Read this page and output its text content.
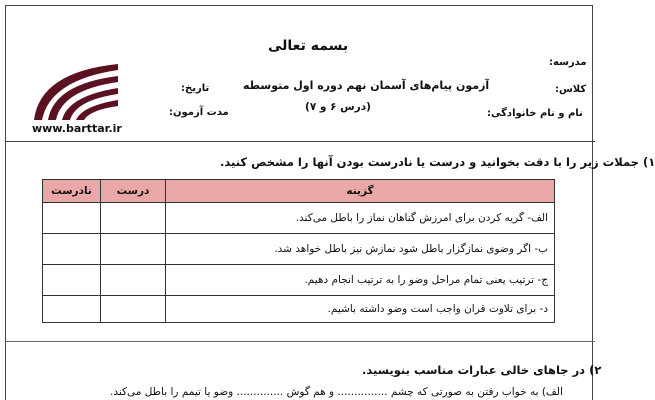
بسمه تعالی
آزمون پیام‌های آسمان نهم دوره اول متوسطه
(درس ۶ و ۷)
مدرسه:
کلاس:
نام و نام خانوادگی:
تاریخ:
مدت آزمون:
www.barttar.ir
۱) جملات زیر را با دقت بخوانید و درست یا نادرست بودن آنها را مشخص کنید.
گزینه	درست	نادرست
الف- گریه کردن برای امرزش گناهان نماز را باطل می‌کند.		
ب- اگر وضوی نمازگزار باطل شود نمازش نیز باطل خواهد شد.		
ج- ترتیب یعنی تمام مراحل وضو را به ترتیب انجام دهیم.		
د- برای تلاوت قران واجب است وضو داشته باشیم.		
۲) در جاهای خالی عبارات مناسب بنویسید.
الف) به خواب رفتن به صورتی که چشم ............... و هم گوش .............. وضو یا تیمم را باطل می‌کند.
